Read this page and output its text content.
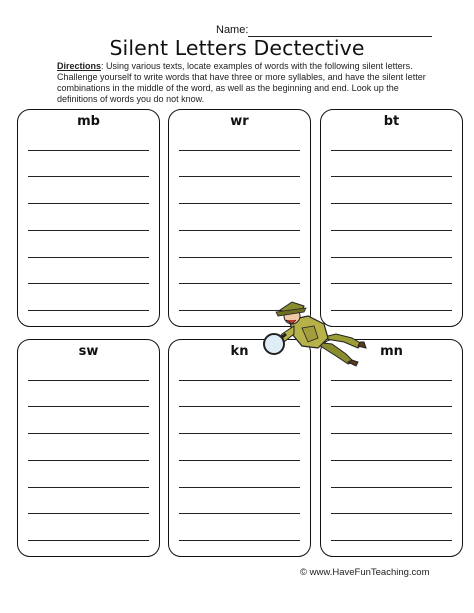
Name:
Silent Letters Dectective
Directions: Using various texts, locate examples of words with the following silent letters. Challenge yourself to write words that have three or more syllables, and have the silent letter combinations in the middle of the word, as well as the beginning and end. Look up the definitions of words you do not know.
mb	wr	bt
sw	kn	mn
© www.HaveFunTeaching.com
